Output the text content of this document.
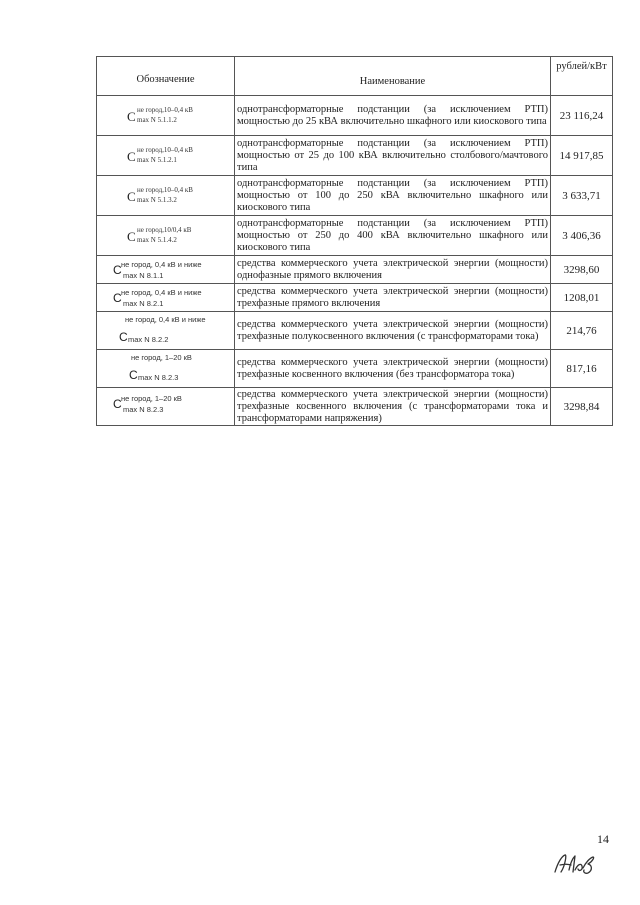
Обозначение	Наименование	рублей/кВт

C не город,10–0,4 кВ
max N 5.1.1.2	однотрансформаторные подстанции (за исключением РТП) мощностью до 25 кВА включительно шкафного или киоскового типа	23 116,24

C не город,10–0,4 кВ
max N 5.1.2.1	однотрансформаторные подстанции (за исключением РТП) мощностью от 25 до 100 кВА включительно столбового/мачтового типа	14 917,85

C не город,10–0,4 кВ
max N 5.1.3.2	однотрансформаторные подстанции (за исключением РТП) мощностью от 100 до 250 кВА включительно шкафного или киоскового типа	3 633,71

C не город,10/0,4 кВ
max N 5.1.4.2	однотрансформаторные подстанции (за исключением РТП) мощностью от 250 до 400 кВА включительно шкафного или киоскового типа	3 406,36

C не город, 0,4 кВ и ниже
max N 8.1.1	средства коммерческого учета электрической энергии (мощности) однофазные прямого включения	3298,60

C не город, 0,4 кВ и ниже
max N 8.2.1	средства коммерческого учета электрической энергии (мощности) трехфазные прямого включения	1208,01

не город, 0,4 кВ и ниже
C max N 8.2.2	средства коммерческого учета электрической энергии (мощности) трехфазные полукосвенного включения (с трансформаторами тока)	214,76

не город, 1–20 кВ
C max N 8.2.3	средства коммерческого учета электрической энергии (мощности) трехфазные косвенного включения (без трансформатора тока)	817,16

C не город, 1–20 кВ
max N 8.2.3	средства коммерческого учета электрической энергии (мощности) трехфазные косвенного включения (с трансформаторами тока и трансформаторами напряжения)	3298,84
14
